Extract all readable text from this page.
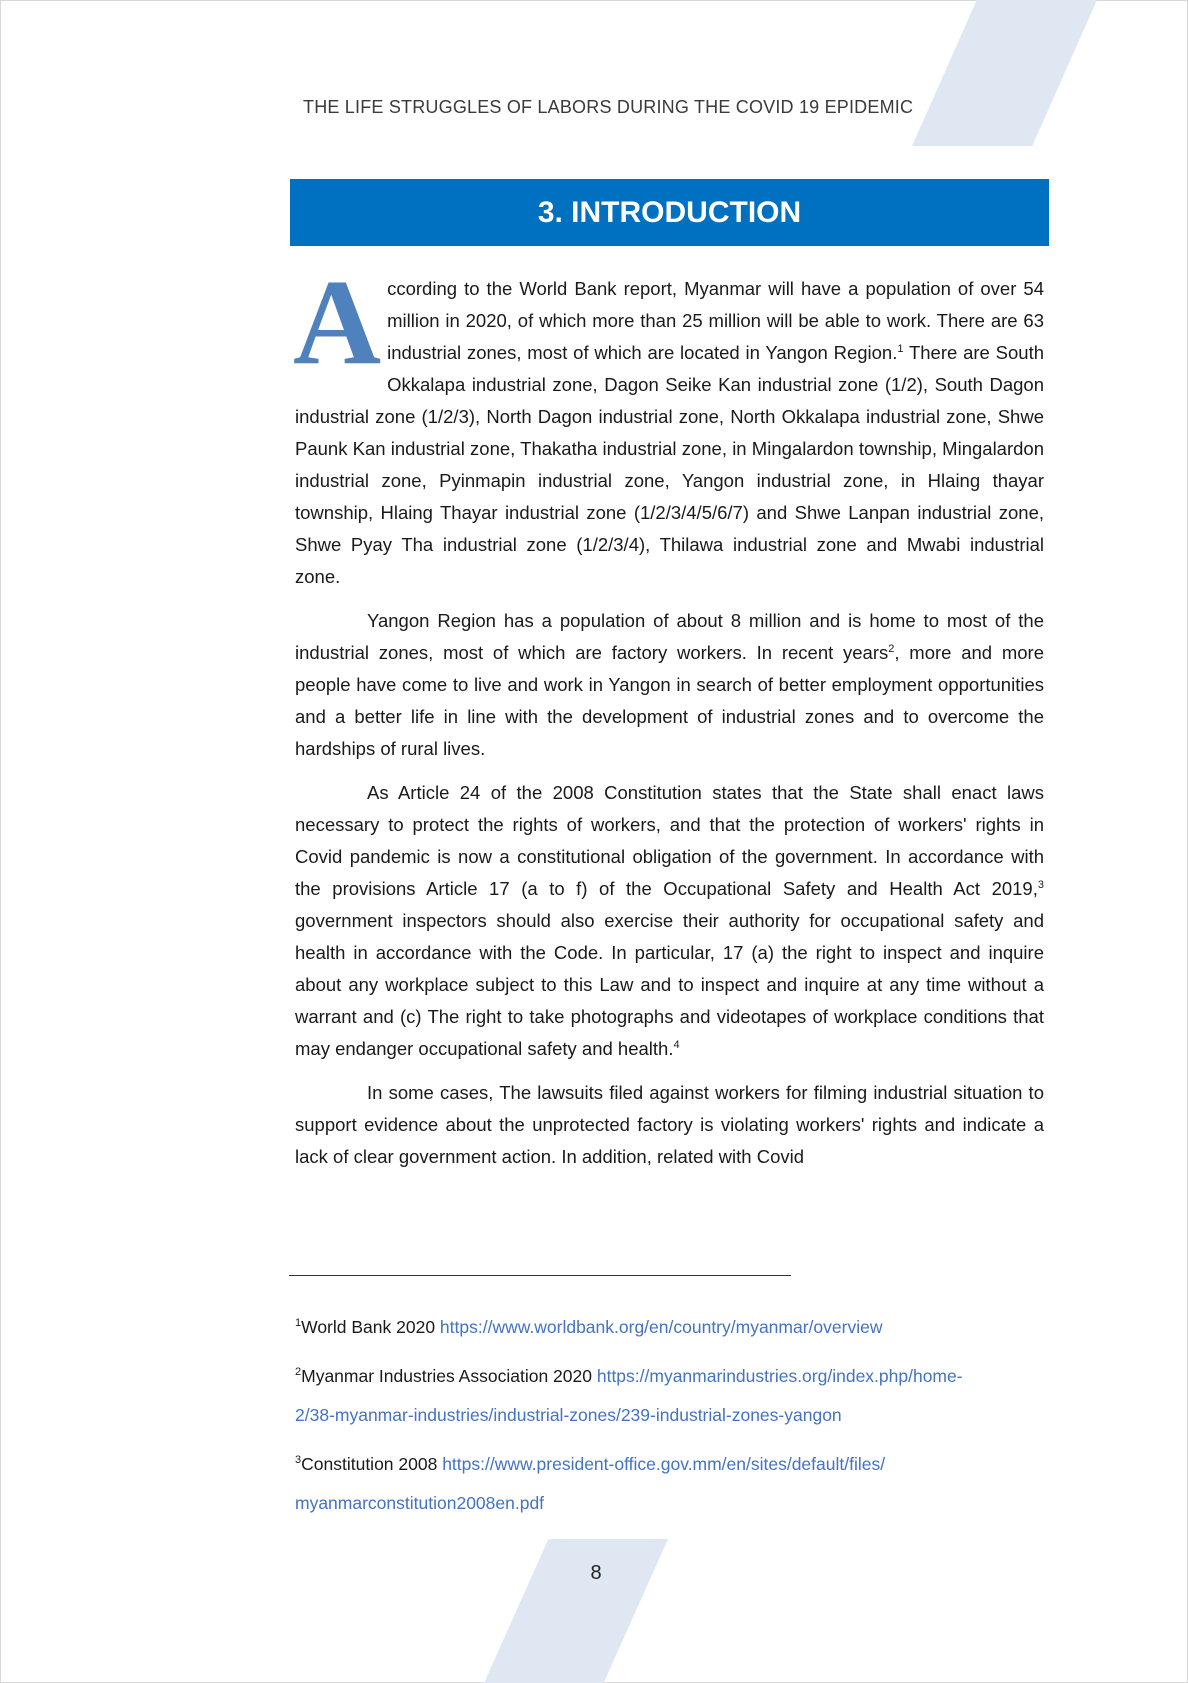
THE LIFE STRUGGLES OF LABORS DURING THE COVID 19 EPIDEMIC
3. INTRODUCTION

According to the World Bank report, Myanmar will have a population of over 54 million in 2020, of which more than 25 million will be able to work. There are 63 industrial zones, most of which are located in Yangon Region.$^1$ There are South Okkalapa industrial zone, Dagon Seike Kan industrial zone (1/2), South Dagon industrial zone (1/2/3), North Dagon industrial zone, North Okkalapa industrial zone, Shwe Paunk Kan industrial zone, Thakatha industrial zone, in Mingalardon township, Mingalardon industrial zone, Pyinmapin industrial zone, Yangon industrial zone, in Hlaing thayar township, Hlaing Thayar industrial zone (1/2/3/4/5/6/7) and Shwe Lanpan industrial zone, Shwe Pyay Tha industrial zone (1/2/3/4), Thilawa industrial zone and Mwabi industrial zone.

Yangon Region has a population of about 8 million and is home to most of the industrial zones, most of which are factory workers. In recent years$^2$, more and more people have come to live and work in Yangon in search of better employment opportunities and a better life in line with the development of industrial zones and to overcome the hardships of rural lives.

As Article 24 of the 2008 Constitution states that the State shall enact laws necessary to protect the rights of workers, and that the protection of workers' rights in Covid pandemic is now a constitutional obligation of the government. In accordance with the provisions Article 17 (a to f) of the Occupational Safety and Health Act 2019,$^3$ government inspectors should also exercise their authority for occupational safety and health in accordance with the Code. In particular, 17 (a) the right to inspect and inquire about any workplace subject to this Law and to inspect and inquire at any time without a warrant and (c) The right to take photographs and videotapes of workplace conditions that may endanger occupational safety and health.$^4$

In some cases, The lawsuits filed against workers for filming industrial situation to support evidence about the unprotected factory is violating workers' rights and indicate a lack of clear government action. In addition, related with Covid

$^1$World Bank 2020 https://www.worldbank.org/en/country/myanmar/overview
$^2$Myanmar Industries Association 2020 https://myanmarindustries.org/index.php/home-
2/38-myanmar-industries/industrial-zones/239-industrial-zones-yangon
$^3$Constitution 2008 https://www.president-office.gov.mm/en/sites/default/files/
myanmarconstitution2008en.pdf
8
